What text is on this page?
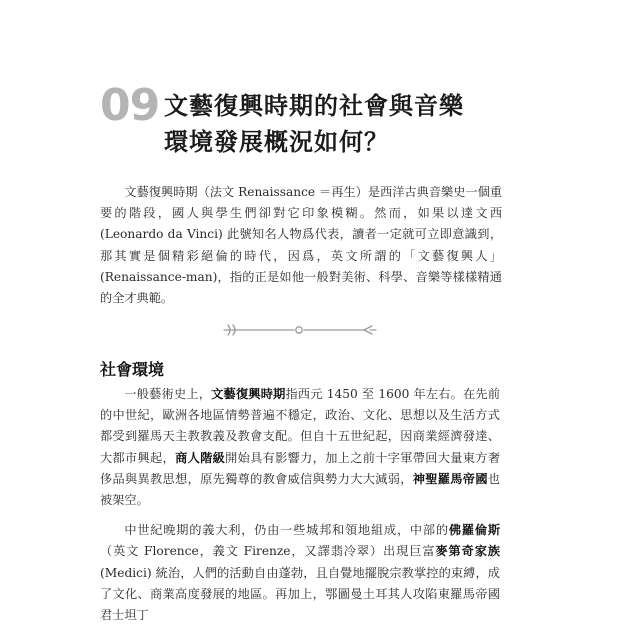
09 文藝復興時期的社會與音樂
環境發展概況如何？

文藝復興時期（法文 Renaissance ＝再生）是西洋古典音樂史一個重要的階段，國人與學生們卻對它印象模糊。然而，如果以達文西 (Leonardo da Vinci) 此號知名人物爲代表，讀者一定就可立即意識到，那其實是個精彩絕倫的時代，因爲，英文所謂的「文藝復興人」(Renaissance-man)，指的正是如他一般對美術、科學、音樂等樣樣精通的全才典範。

社會環境

一般藝術史上，文藝復興時期指西元 1450 至 1600 年左右。在先前的中世紀，歐洲各地區情勢普遍不穩定，政治、文化、思想以及生活方式都受到羅馬天主教教義及教會支配。但自十五世紀起，因商業經濟發達、大都市興起，商人階級開始具有影響力，加上之前十字軍帶回大量東方奢侈品與異教思想，原先獨尊的教會威信與勢力大大減弱，神聖羅馬帝國也被架空。

中世紀晚期的義大利，仍由一些城邦和領地組成，中部的佛羅倫斯（英文 Florence，義文 Firenze，又譯翡冷翠）出現巨富麥第奇家族 (Medici) 統治，人們的活動自由蓬勃，且自覺地擺脫宗教掌控的束縛，成了文化、商業高度發展的地區。再加上，鄂圖曼土耳其人攻陷東羅馬帝國君士坦丁
